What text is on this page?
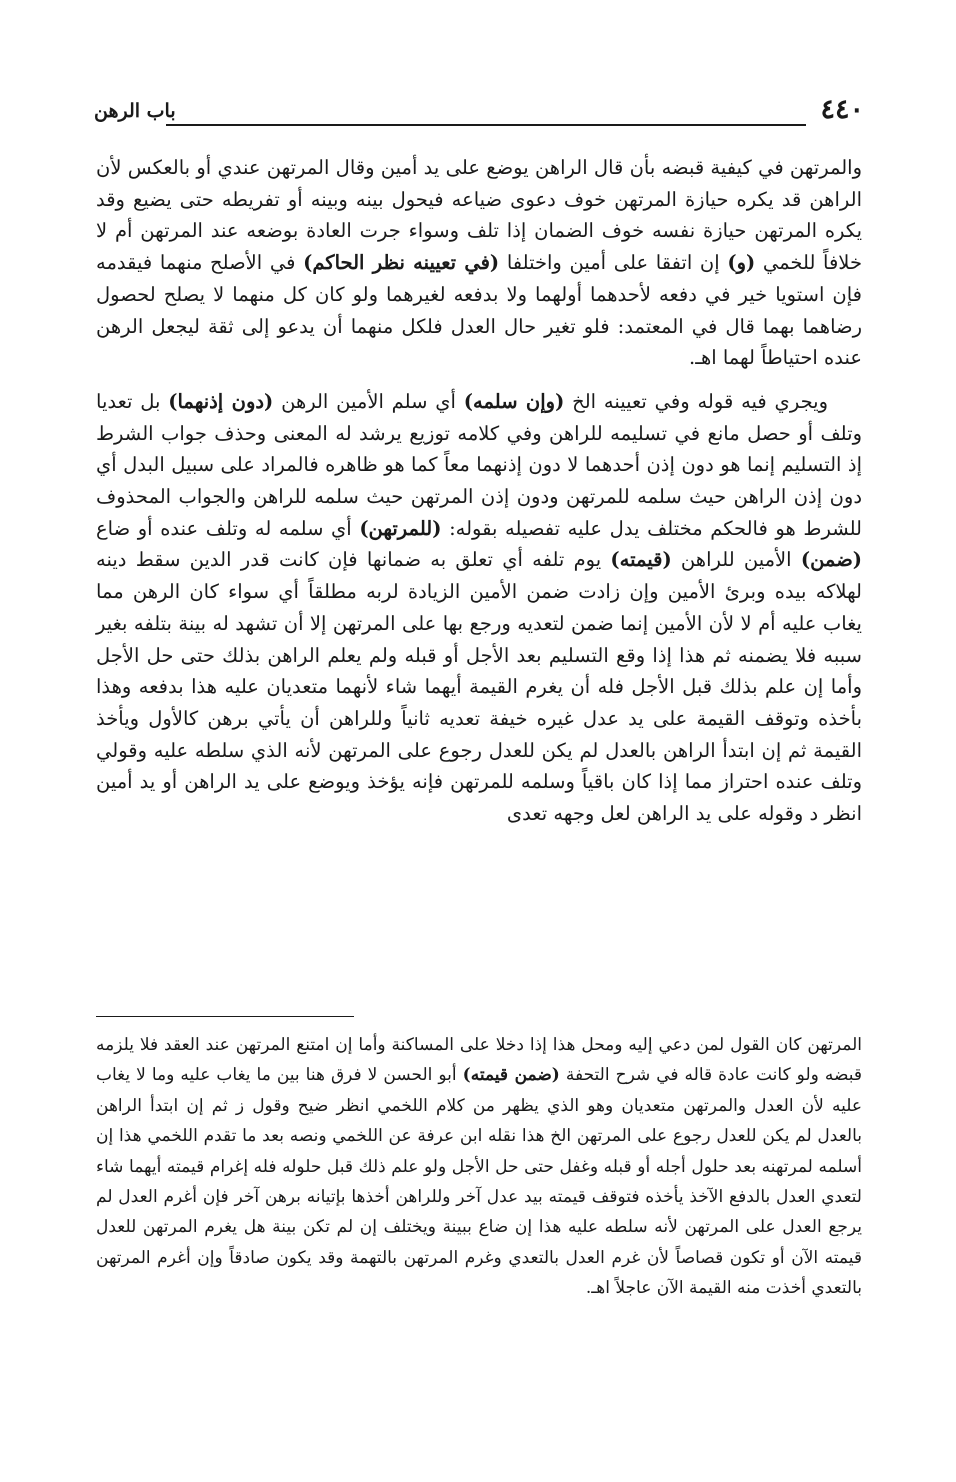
٤٤٠
باب الرهن

والمرتهن في كيفية قبضه بأن قال الراهن يوضع على يد أمين وقال المرتهن عندي أو بالعكس لأن الراهن قد يكره حيازة المرتهن خوف دعوى ضياعه فيحول بينه وبينه أو تفريطه حتى يضيع وقد يكره المرتهن حيازة نفسه خوف الضمان إذا تلف وسواء جرت العادة بوضعه عند المرتهن أم لا خلافاً للخمي (و) إن اتفقا على أمين واختلفا (في تعيينه نظر الحاكم) في الأصلح منهما فيقدمه فإن استويا خير في دفعه لأحدهما أولهما ولا بدفعه لغيرهما ولو كان كل منهما لا يصلح لحصول رضاهما بهما قال في المعتمد: فلو تغير حال العدل فلكل منهما أن يدعو إلى ثقة ليجعل الرهن عنده احتياطاً لهما اهـ.

ويجري فيه قوله وفي تعيينه الخ (وإن سلمه) أي سلم الأمين الرهن (دون إذنهما) بل تعديا وتلف أو حصل مانع في تسليمه للراهن وفي كلامه توزيع يرشد له المعنى وحذف جواب الشرط إذ التسليم إنما هو دون إذن أحدهما لا دون إذنهما معاً كما هو ظاهره فالمراد على سبيل البدل أي دون إذن الراهن حيث سلمه للمرتهن ودون إذن المرتهن حيث سلمه للراهن والجواب المحذوف للشرط هو فالحكم مختلف يدل عليه تفصيله بقوله: (للمرتهن) أي سلمه له وتلف عنده أو ضاع (ضمن) الأمين للراهن (قيمته) يوم تلفه أي تعلق به ضمانها فإن كانت قدر الدين سقط دينه لهلاكه بيده وبرئ الأمين وإن زادت ضمن الأمين الزيادة لربه مطلقاً أي سواء كان الرهن مما يغاب عليه أم لا لأن الأمين إنما ضمن لتعديه ورجع بها على المرتهن إلا أن تشهد له بينة بتلفه بغير سببه فلا يضمنه ثم هذا إذا وقع التسليم بعد الأجل أو قبله ولم يعلم الراهن بذلك حتى حل الأجل وأما إن علم بذلك قبل الأجل فله أن يغرم القيمة أيهما شاء لأنهما متعديان عليه هذا بدفعه وهذا بأخذه وتوقف القيمة على يد عدل غيره خيفة تعديه ثانياً وللراهن أن يأتي برهن كالأول ويأخذ القيمة ثم إن ابتدأ الراهن بالعدل لم يكن للعدل رجوع على المرتهن لأنه الذي سلطه عليه وقولي وتلف عنده احتراز مما إذا كان باقياً وسلمه للمرتهن فإنه يؤخذ ويوضع على يد الراهن أو يد أمين انظر د وقوله على يد الراهن لعل وجهه تعدى

المرتهن كان القول لمن دعي إليه ومحل هذا إذا دخلا على المساكنة وأما إن امتنع المرتهن عند العقد فلا يلزمه قبضه ولو كانت عادة قاله في شرح التحفة (ضمن قيمته) أبو الحسن لا فرق هنا بين ما يغاب عليه وما لا يغاب عليه لأن العدل والمرتهن متعديان وهو الذي يظهر من كلام اللخمي انظر ضيح وقول ز ثم إن ابتدأ الراهن بالعدل لم يكن للعدل رجوع على المرتهن الخ هذا نقله ابن عرفة عن اللخمي ونصه بعد ما تقدم اللخمي هذا إن أسلمه لمرتهنه بعد حلول أجله أو قبله وغفل حتى حل الأجل ولو علم ذلك قبل حلوله فله إغرام قيمته أيهما شاء لتعدي العدل بالدفع الآخذ يأخذه فتوقف قيمته بيد عدل آخر وللراهن أخذها بإتيانه برهن آخر فإن أغرم العدل لم يرجع العدل على المرتهن لأنه سلطه عليه هذا إن ضاع ببينة ويختلف إن لم تكن بينة هل يغرم المرتهن للعدل قيمته الآن أو تكون قصاصاً لأن غرم العدل بالتعدي وغرم المرتهن بالتهمة وقد يكون صادقاً وإن أغرم المرتهن بالتعدي أخذت منه القيمة الآن عاجلاً اهـ.
